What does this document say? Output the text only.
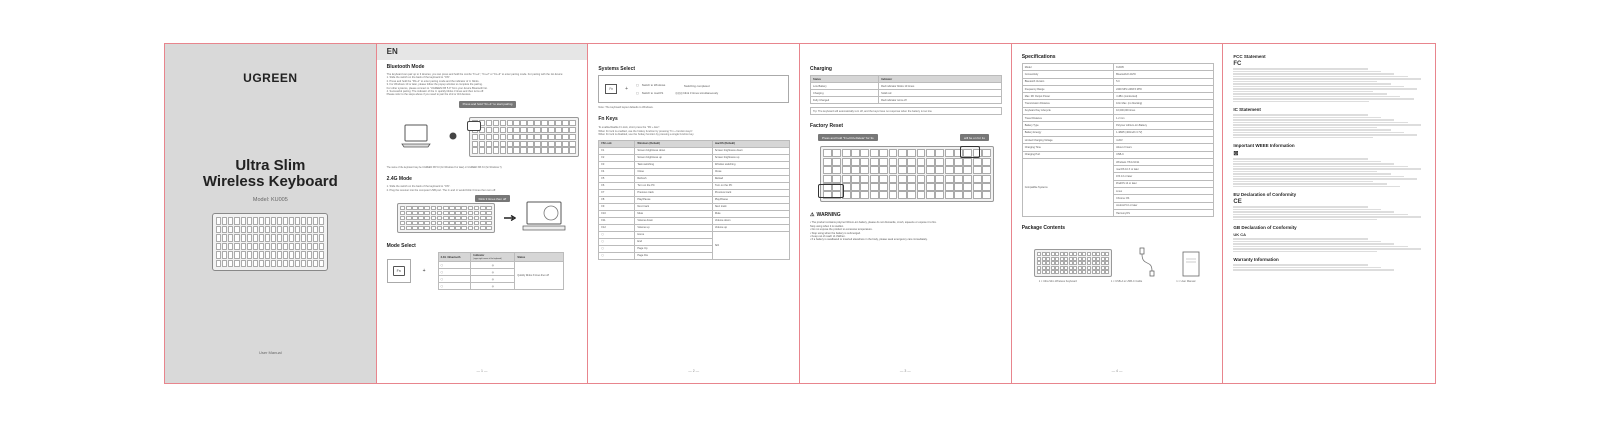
UGREEN
Ultra Slim
Wireless Keyboard
Model: KU005
User Manual
EN
Bluetooth Mode
The keyboard can pair up to 3 devices; you can press and hold the combo "Fn+1", "Fn+2" or "Fn+3" to enter pairing mode. For pairing with the 1st device:
1. Slide the switch on the back of the keyboard to "ON".
2. Press and hold the "FN+1" to enter pairing mode and the indicator of ① blinks.
3. For Windows 10 or later, please follow the popup window to complete the pairing.
For other systems, please connect to "UGREEN KB 5.0" from your device Bluetooth list.
4. Successful pairing: The indicator of the ① quickly blinks 3 times and then turns off.
Please refer to the steps above if you need to pair the 2nd or 3rd devices.
Press and hold "Fn+1" to start pairing
The name of the keyboard may be UGREEN KB 5.0 (for Windows 8 or later) or UGREEN KB 3.0 (for Windows 7).
2.4G Mode
1. Slide the switch on the back of the keyboard to "ON".
2. Plug the receiver into the computer USB port. The ① and ② would blink 3 times then turn off.
blink 3 times then off
Mode Select
Fn	+
2.4G / Bluetooth	Indicator
(upper right corner of the keyboard)	Status
▢	◎	Quickly blinks 3 times then off
▢	◎	
▢	◎	
▢	◎	
— 1 —
Systems Select
Fn	+
▢    Switch to Windows
▢    Switch to macOS
Switching completed
◎◎◎ blink 3 times simultaneously
Note: The keyboard layout defaults to Windows.
Fn Keys
To enable/disable Fn lock, short press the "FN + Esc".
When Fn lock is enabled, use the hotkey function by pressing "Fn + function keys".
When Fn lock is disabled, use the hotkey function by pressing a single function key.
FN Lock	Windows (Default)	macOS (Default)
F1	Screen brightness down	Screen brightness down
F2	Screen brightness up	Screen brightness up
F3	Task switching	Window switching
F4	Close	Close
F5	Refresh	Reload
F6	Turn on the PC	Turn on the PC
F7	Previous track	Previous track
F8	Play/Pause	Play/Pause
F9	Next track	Next track
F10	Mute	Mute
F11	Volume down	Volume down
F12	Volume up	Volume up
▢	Home	N/A
▢	End	
▢	Page Up	
▢	Page Dw	
— 2 —
Charging
Status	Indicator
Low Battery	Red indicator blinks 10 times
Charging	Solid red
Fully Charged	Red indicator turns off
Tip: The keyboard will automatically turn off, and the keys have no response when the battery is too low.
Factory Reset
Press and hold "Fn+Ctrl+Delete" for 3s	will be on for 1s
⚠ WARNING
• The product contains polymer lithium-ion battery, please do not dismantle, crush, squeeze or expose it to fire.
Stop using when it is swollen.
• Do not expose the product to excessive temperature.
• Stop using when the battery is submerged.
• Keep out of reach of children.
• If a battery is swallowed or inserted elsewhere in the body, please seek emergency care immediately.
— 3 —
Specifications
Model	KU005
Connectivity	Bluetooth/2.4GHz
Bluetooth Version	5.0
Frequency Range	2400 MHz-2483.5 MHz
Max. RF Output Power	4 dBm (conducted)
Transmission Distance	10m Max. (no blocking)
Keyboard Key Lifecycle	10,000,000 times
Travel Distance	1.2 mm
Battery Type	Polymer Lithium-Ion Battery
Battery Energy	1.48Wh (400mAh 3.7V)
Limited Charging Voltage	4.20V
Charging Time	About 2 hours
Charging Port	USB-C
Compatible Systems	Windows 7/8.1/10/11
	macOS 10.X or later
	iOS 13 or later
	iPadOS 14 or later
	Linux
	Chrome OS
	Android 5.0 or later
	HarmonyOS
Package Contents
1 × Ultra Slim Wireless Keyboard	1 × USB-A to USB-C Cable	1 × User Manual
— 4 —
FCC Statement
FC
IC Statement
Important WEEE Information
⊠
EU Declaration of Conformity
CE
GB Declaration of Conformity
UK CA
Warranty Information
